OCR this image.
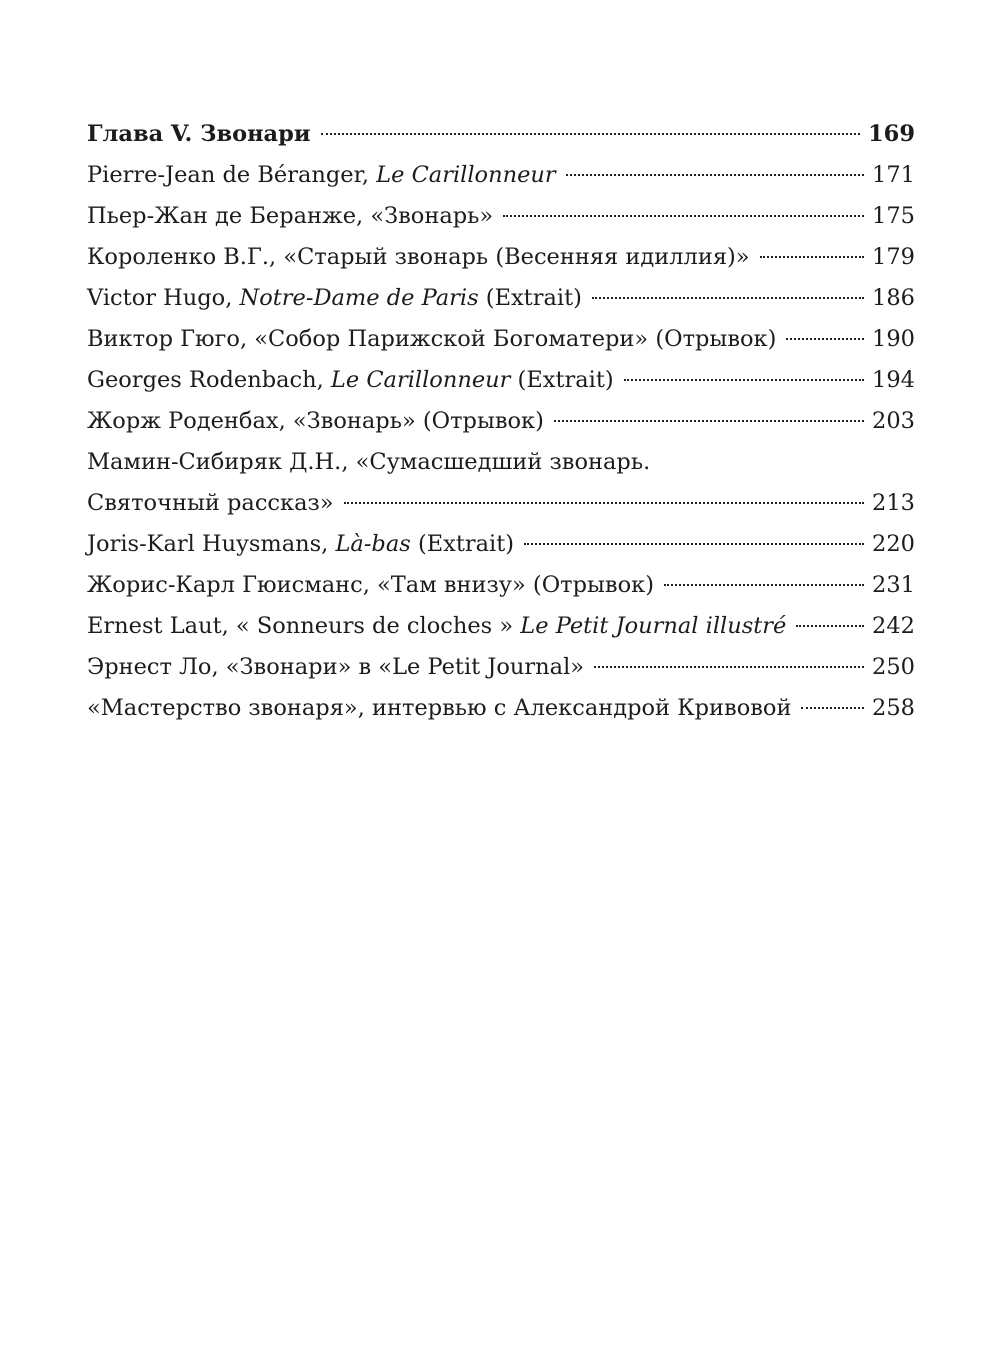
Глава V. Звонари	169
Pierre-Jean de Béranger, Le Carillonneur	171
Пьер-Жан де Беранже, «Звонарь»	175
Короленко В.Г., «Старый звонарь (Весенняя идиллия)»	179
Victor Hugo, Notre-Dame de Paris (Extrait)	186
Виктор Гюго, «Собор Парижской Богоматери» (Отрывок)	190
Georges Rodenbach, Le Carillonneur (Extrait)	194
Жорж Роденбах, «Звонарь» (Отрывок)	203
Мамин-Сибиряк Д.Н., «Сумасшедший звонарь.
Святочный рассказ»	213
Joris-Karl Huysmans, Là-bas (Extrait)	220
Жорис-Карл Гюисманс, «Там внизу» (Отрывок)	231
Ernest Laut, « Sonneurs de cloches » Le Petit Journal illustré	242
Эрнест Ло, «Звонари» в «Le Petit Journal»	250
«Мастерство звонаря», интервью с Александрой Кривовой	258
